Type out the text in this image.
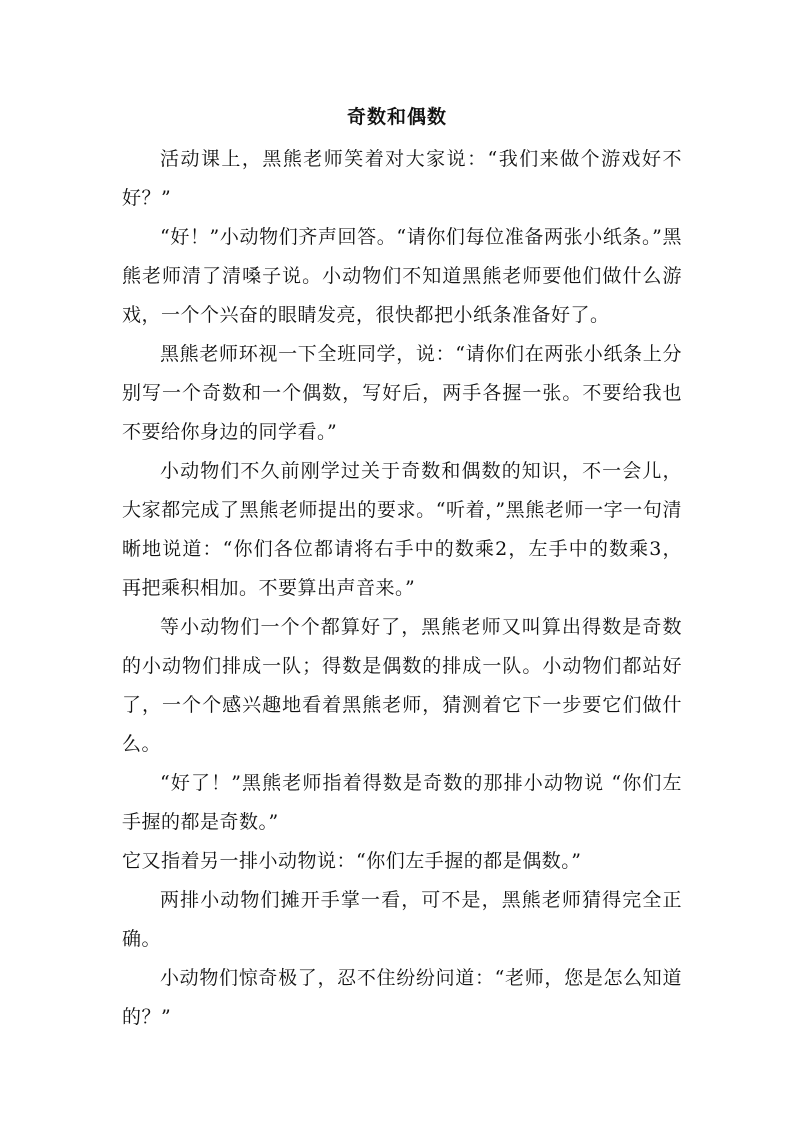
奇数和偶数

活动课上，黑熊老师笑着对大家说：“我们来做个游戏好不好？”

“好！”小动物们齐声回答。“请你们每位准备两张小纸条。”黑熊老师清了清嗓子说。小动物们不知道黑熊老师要他们做什么游戏，一个个兴奋的眼睛发亮，很快都把小纸条准备好了。

黑熊老师环视一下全班同学，说：“请你们在两张小纸条上分别写一个奇数和一个偶数，写好后，两手各握一张。不要给我也不要给你身边的同学看。”

小动物们不久前刚学过关于奇数和偶数的知识，不一会儿，大家都完成了黑熊老师提出的要求。“听着，”黑熊老师一字一句清晰地说道：“你们各位都请将右手中的数乘2，左手中的数乘3，再把乘积相加。不要算出声音来。”

等小动物们一个个都算好了，黑熊老师又叫算出得数是奇数的小动物们排成一队；得数是偶数的排成一队。小动物们都站好了，一个个感兴趣地看着黑熊老师，猜测着它下一步要它们做什么。

“好了！”黑熊老师指着得数是奇数的那排小动物说 “你们左手握的都是奇数。”

它又指着另一排小动物说：“你们左手握的都是偶数。”

两排小动物们摊开手掌一看，可不是，黑熊老师猜得完全正确。

小动物们惊奇极了，忍不住纷纷问道：“老师，您是怎么知道的？”
